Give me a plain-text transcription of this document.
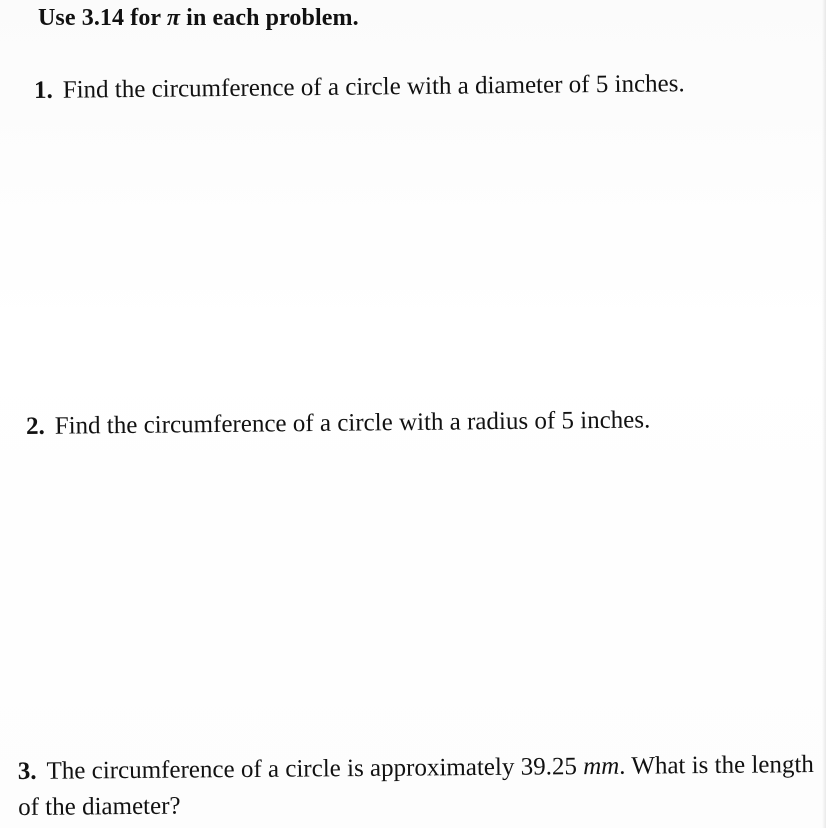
Use 3.14 for π in each problem.
1. Find the circumference of a circle with a diameter of 5 inches.
2. Find the circumference of a circle with a radius of 5 inches.
3. The circumference of a circle is approximately 39.25 mm. What is the length of the diameter?
